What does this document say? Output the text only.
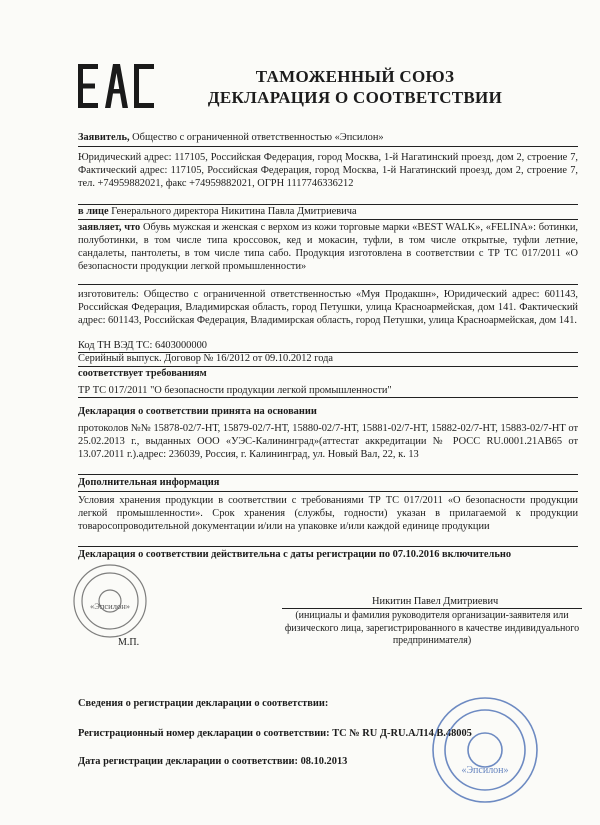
ТАМОЖЕННЫЙ СОЮЗ
ДЕКЛАРАЦИЯ О СООТВЕТСТВИИ
Заявитель, Общество с ограниченной ответственностью «Эпсилон»
Юридический адрес: 117105, Российская Федерация, город Москва, 1-й Нагатинский проезд, дом 2, строение 7, Фактический адрес: 117105, Российская Федерация, город Москва, 1-й Нагатинский проезд, дом 2, строение 7, тел. +74959882021, факс +74959882021, ОГРН 1117746336212
в лице Генерального директора Никитина Павла Дмитриевича
заявляет, что Обувь мужская и женская с верхом из кожи торговые марки «BEST WALK», «FELINA»: ботинки, полуботинки, в том числе типа кроссовок, кед и мокасин, туфли, в том числе открытые, туфли летние, сандалеты, пантолеты, в том числе типа сабо. Продукция изготовлена в соответствии с ТР ТС 017/2011 «О безопасности продукции легкой промышленности»
изготовитель: Общество с ограниченной ответственностью «Муя Продакшн», Юридический адрес: 601143, Российская Федерация, Владимирская область, город Петушки, улица Красноармейская, дом 141. Фактический адрес: 601143, Российская Федерация, Владимирская область, город Петушки, улица Красноармейская, дом 141.
Код ТН ВЭД ТС: 6403000000
Серийный выпуск. Договор № 16/2012 от 09.10.2012 года
соответствует требованиям
ТР ТС 017/2011 "О безопасности продукции легкой промышленности"
Декларация о соответствии принята на основании
протоколов №№ 15878-02/7-НТ, 15879-02/7-НТ, 15880-02/7-НТ, 15881-02/7-НТ, 15882-02/7-НТ, 15883-02/7-НТ от 25.02.2013 г., выданных ООО «УЭС-Калининград»(аттестат аккредитации № РОСС RU.0001.21АВ65 от 13.07.2011 г.).адрес: 236039, Россия, г. Калининград, ул. Новый Вал, 22, к. 13
Дополнительная информация
Условия хранения продукции в соответствии с требованиями ТР ТС 017/2011 «О безопасности продукции легкой промышленности». Срок хранения (службы, годности) указан в прилагаемой к продукции товаросопроводительной документации и/или на упаковке и/или каждой единице продукции
Декларация о соответствии действительна с даты регистрации по 07.10.2016 включительно
Никитин Павел Дмитриевич
(инициалы и фамилия руководителя организации-заявителя или физического лица, зарегистрированного в качестве индивидуального предпринимателя)
М.П.
Сведения о регистрации декларации о соответствии:
Регистрационный номер декларации о соответствии: ТС № RU Д-RU.АЛ14.В.48005
Дата регистрации декларации о соответствии: 08.10.2013
«Эпсилон»
«Эпсилон»
